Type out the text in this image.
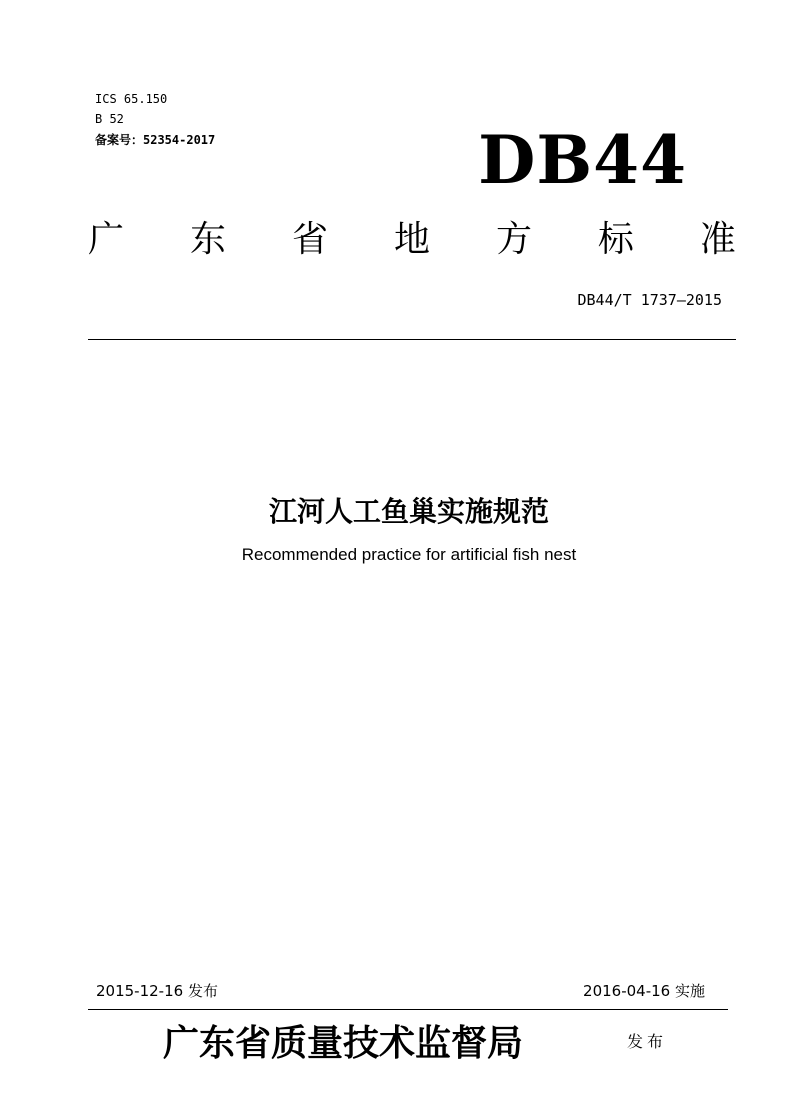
ICS 65.150
B 52
备案号：52354-2017	DB44
广 东 省 地 方 标 准
DB44/T 1737—2015
江河人工鱼巢实施规范
Recommended practice for artificial fish nest
2015-12-16 发布	2016-04-16 实施
广东省质量技术监督局	发布
